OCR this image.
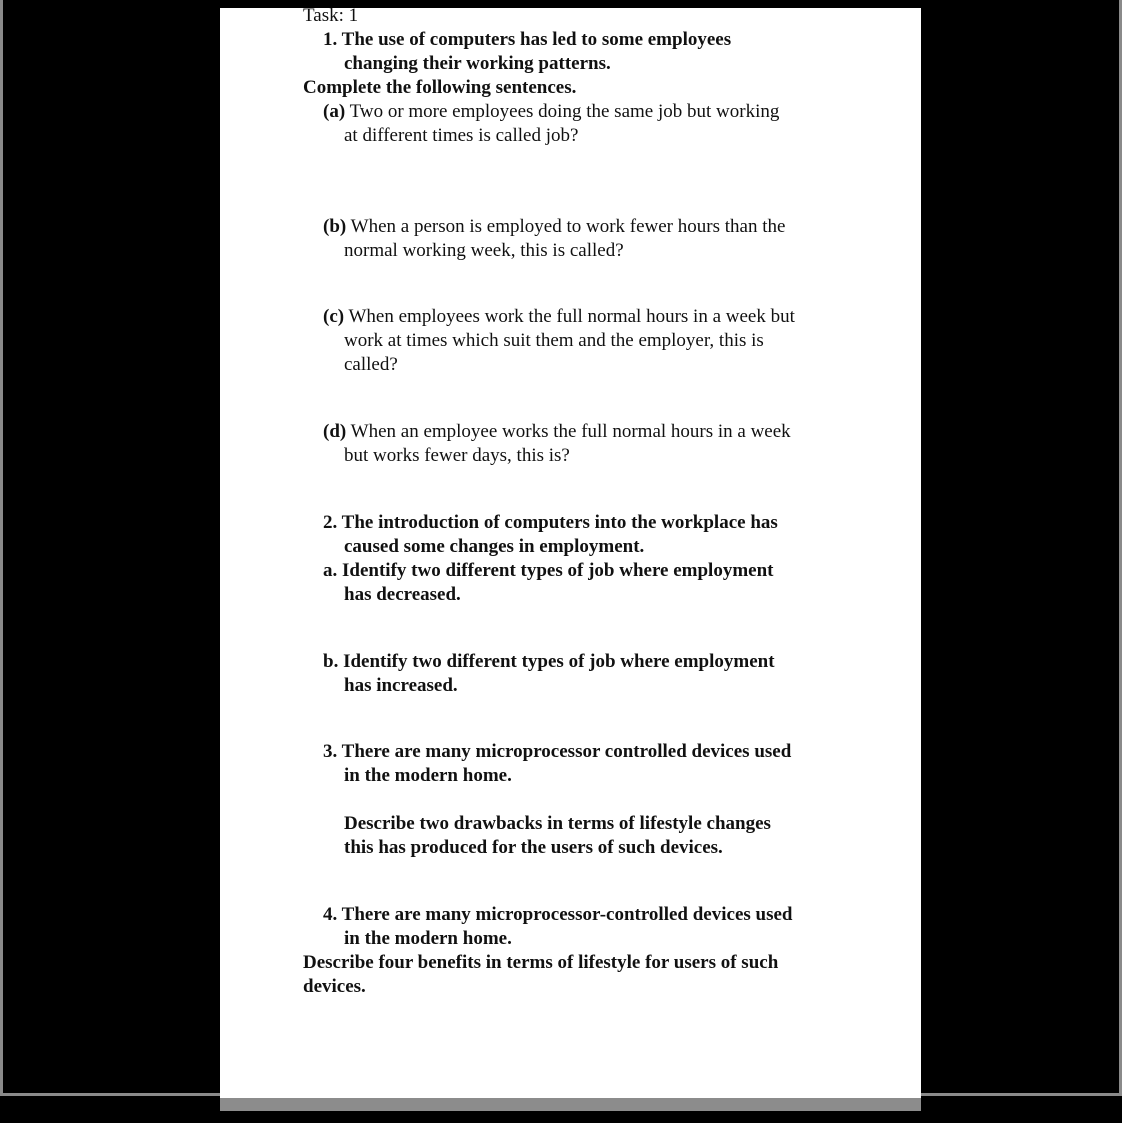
Task: 1
1. The use of computers has led to some employees
changing their working patterns.
Complete the following sentences.
(a) Two or more employees doing the same job but working
at different times is called job?
(b) When a person is employed to work fewer hours than the
normal working week, this is called?
(c) When employees work the full normal hours in a week but
work at times which suit them and the employer, this is
called?
(d) When an employee works the full normal hours in a week
but works fewer days, this is?
2. The introduction of computers into the workplace has
caused some changes in employment.
a. Identify two different types of job where employment
has decreased.
b. Identify two different types of job where employment
has increased.
3. There are many microprocessor controlled devices used
in the modern home.
Describe two drawbacks in terms of lifestyle changes
this has produced for the users of such devices.
4. There are many microprocessor-controlled devices used
in the modern home.
Describe four benefits in terms of lifestyle for users of such
devices.
